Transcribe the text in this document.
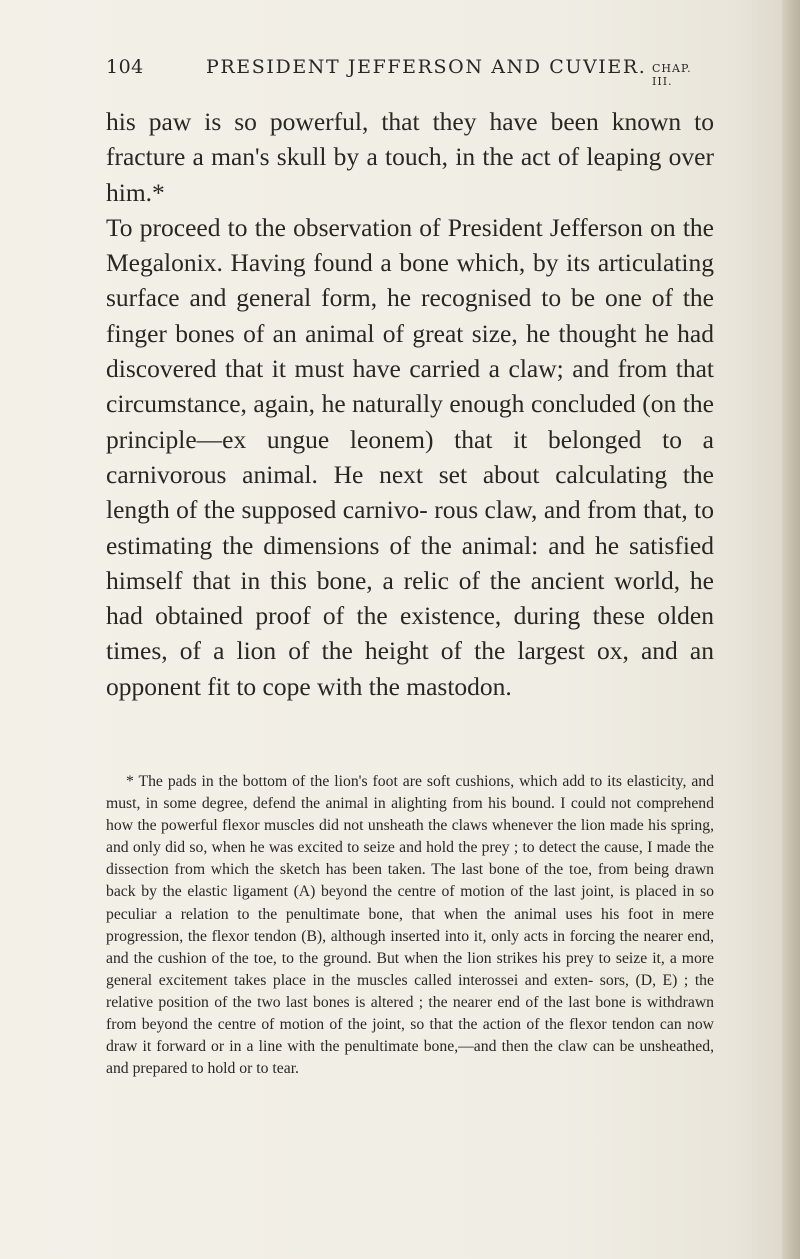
104	PRESIDENT JEFFERSON AND CUVIER. CHAP. III.

his paw is so powerful, that they have been known to fracture a man's skull by a touch, in the act of leaping over him.*

To proceed to the observation of President Jefferson on the Megalonix. Having found a bone which, by its articulating surface and general form, he recognised to be one of the finger bones of an animal of great size, he thought he had discovered that it must have carried a claw; and from that circumstance, again, he naturally enough concluded (on the principle—ex ungue leonem) that it belonged to a carnivorous animal. He next set about calculating the length of the supposed carnivo- rous claw, and from that, to estimating the dimensions of the animal: and he satisfied himself that in this bone, a relic of the ancient world, he had obtained proof of the existence, during these olden times, of a lion of the height of the largest ox, and an opponent fit to cope with the mastodon.

* The pads in the bottom of the lion's foot are soft cushions, which add to its elasticity, and must, in some degree, defend the animal in alighting from his bound. I could not comprehend how the powerful flexor muscles did not unsheath the claws whenever the lion made his spring, and only did so, when he was excited to seize and hold the prey ; to detect the cause, I made the dissection from which the sketch has been taken. The last bone of the toe, from being drawn back by the elastic ligament (A) beyond the centre of motion of the last joint, is placed in so peculiar a relation to the penultimate bone, that when the animal uses his foot in mere progression, the flexor tendon (B), although inserted into it, only acts in forcing the nearer end, and the cushion of the toe, to the ground. But when the lion strikes his prey to seize it, a more general excitement takes place in the muscles called interossei and exten- sors, (D, E) ; the relative position of the two last bones is altered ; the nearer end of the last bone is withdrawn from beyond the centre of motion of the joint, so that the action of the flexor tendon can now draw it forward or in a line with the penultimate bone,—and then the claw can be unsheathed, and prepared to hold or to tear.
